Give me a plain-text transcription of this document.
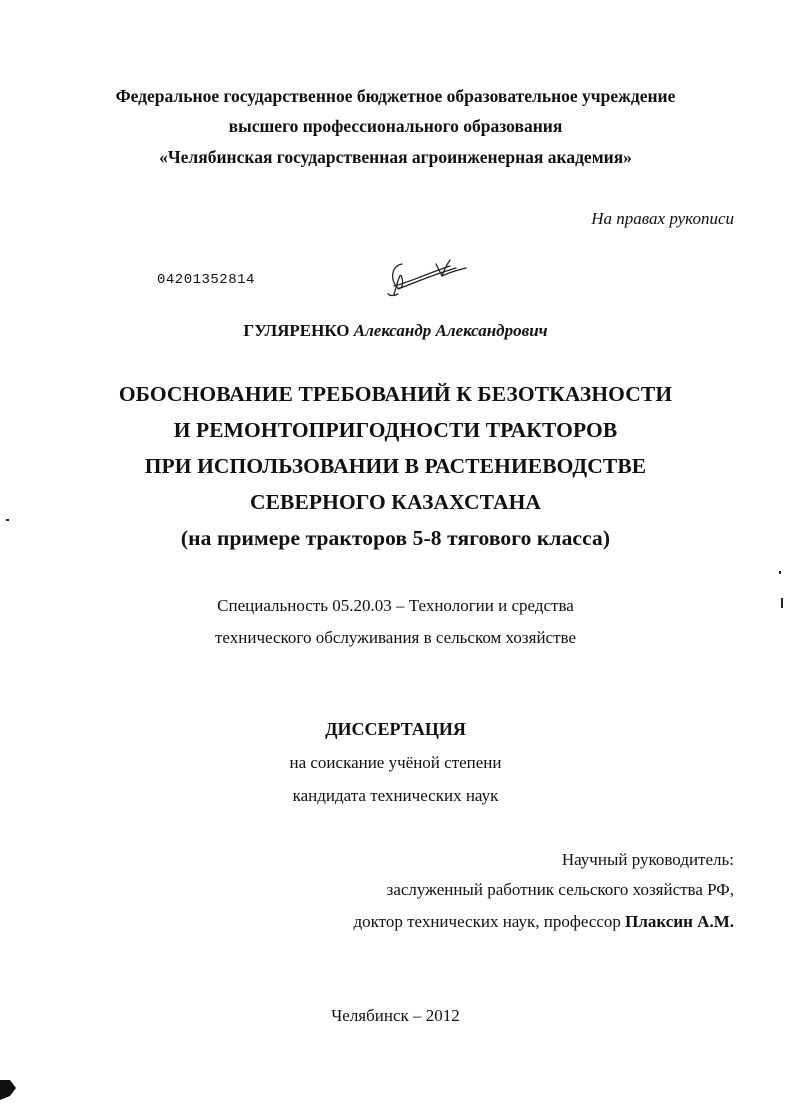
Федеральное государственное бюджетное образовательное учреждение
высшего профессионального образования
«Челябинская государственная агроинженерная академия»
На правах рукописи
04201352814
ГУЛЯРЕНКО Александр Александрович
ОБОСНОВАНИЕ ТРЕБОВАНИЙ К БЕЗОТКАЗНОСТИ
И РЕМОНТОПРИГОДНОСТИ ТРАКТОРОВ
ПРИ ИСПОЛЬЗОВАНИИ В РАСТЕНИЕВОДСТВЕ
СЕВЕРНОГО КАЗАХСТАНА
(на примере тракторов 5-8 тягового класса)
Специальность 05.20.03 – Технологии и средства
технического обслуживания в сельском хозяйстве
ДИССЕРТАЦИЯ
на соискание учёной степени
кандидата технических наук
Научный руководитель:
заслуженный работник сельского хозяйства РФ,
доктор технических наук, профессор Плаксин А.М.
Челябинск – 2012
